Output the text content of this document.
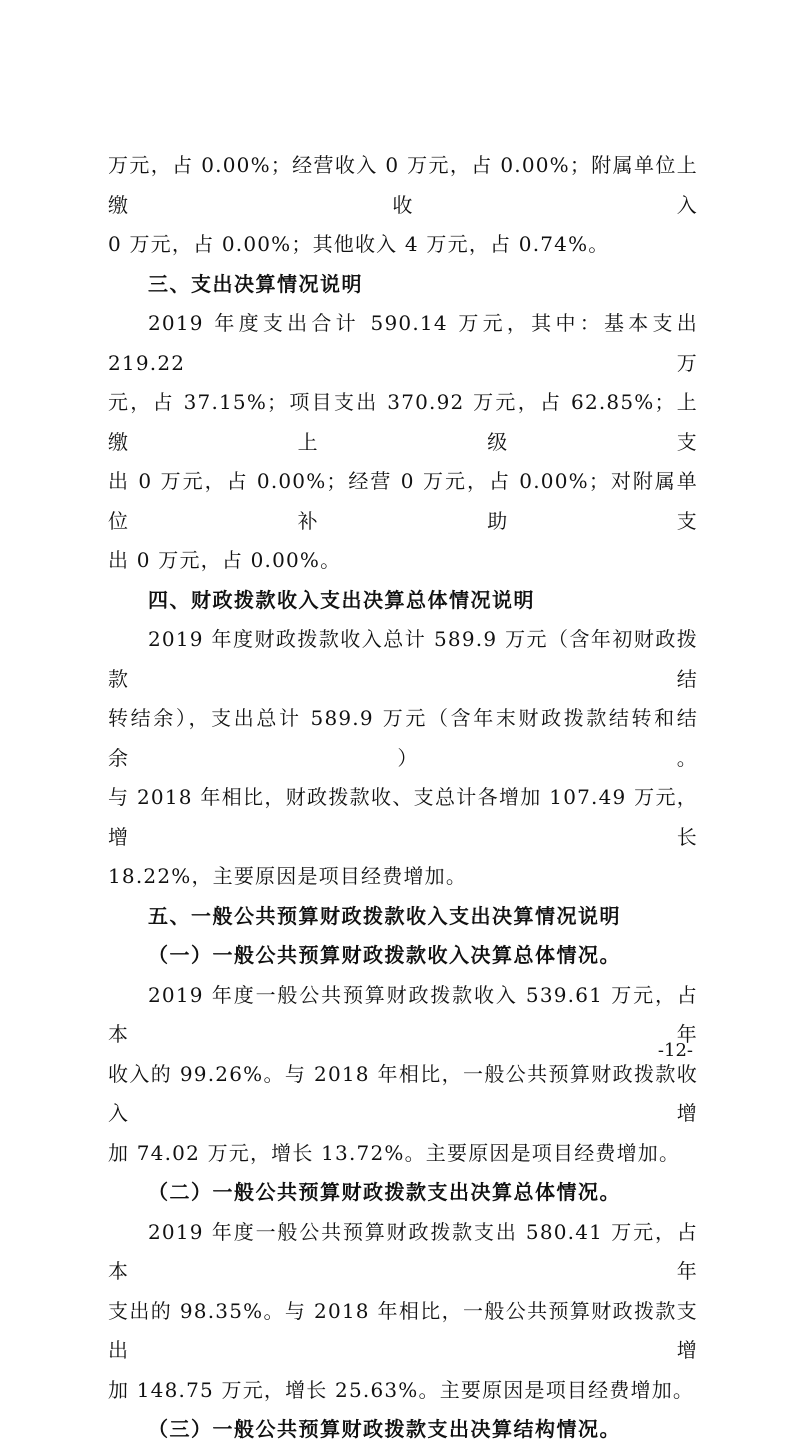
万元，占 0.00%；经营收入 0 万元，占 0.00%；附属单位上缴收入

0 万元，占 0.00%；其他收入 4 万元，占 0.74%。

三、支出决算情况说明

2019 年度支出合计 590.14 万元，其中：基本支出 219.22 万

元，占 37.15%；项目支出 370.92 万元，占 62.85%；上缴上级支

出 0 万元，占 0.00%；经营 0 万元，占 0.00%；对附属单位补助支

出 0 万元，占 0.00%。

四、财政拨款收入支出决算总体情况说明

2019 年度财政拨款收入总计 589.9 万元（含年初财政拨款结

转结余），支出总计 589.9 万元（含年末财政拨款结转和结余）。

与 2018 年相比，财政拨款收、支总计各增加 107.49 万元，增长

18.22%，主要原因是项目经费增加。

五、一般公共预算财政拨款收入支出决算情况说明
（一）一般公共预算财政拨款收入决算总体情况。

2019 年度一般公共预算财政拨款收入 539.61 万元，占本年

收入的 99.26%。与 2018 年相比，一般公共预算财政拨款收入增

加 74.02 万元，增长 13.72%。主要原因是项目经费增加。

（二）一般公共预算财政拨款支出决算总体情况。

2019 年度一般公共预算财政拨款支出 580.41 万元，占本年

支出的 98.35%。与 2018 年相比，一般公共预算财政拨款支出增

加 148.75 万元，增长 25.63%。主要原因是项目经费增加。

（三）一般公共预算财政拨款支出决算结构情况。
-12-
